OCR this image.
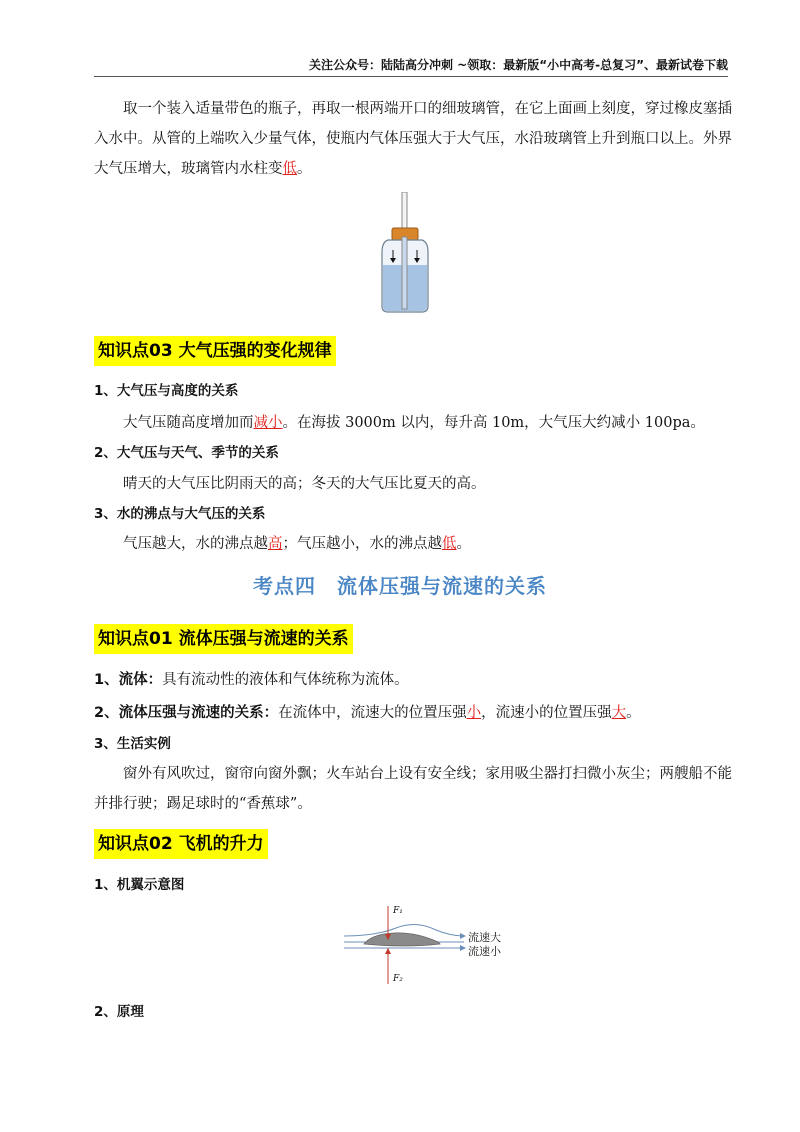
关注公众号：陆陆高分冲刺 ~领取：最新版“小中高考-总复习”、最新试卷下载
取一个装入适量带色的瓶子，再取一根两端开口的细玻璃管，在它上面画上刻度，穿过橡皮塞插入水中。从管的上端吹入少量气体，使瓶内气体压强大于大气压，水沿玻璃管上升到瓶口以上。外界大气压增大，玻璃管内水柱变低。
知识点03 大气压强的变化规律
1、大气压与高度的关系
大气压随高度增加而减小。在海拔 3000m 以内，每升高 10m，大气压大约减小 100pa。
2、大气压与天气、季节的关系
晴天的大气压比阴雨天的高；冬天的大气压比夏天的高。
3、水的沸点与大气压的关系
气压越大，水的沸点越高；气压越小，水的沸点越低。
考点四　流体压强与流速的关系
知识点01 流体压强与流速的关系
1、流体：具有流动性的液体和气体统称为流体。
2、流体压强与流速的关系：在流体中，流速大的位置压强小，流速小的位置压强大。
3、生活实例
窗外有风吹过，窗帘向窗外飘；火车站台上设有安全线；家用吸尘器打扫微小灰尘；两艘船不能并排行驶；踢足球时的“香蕉球”。
知识点02 飞机的升力
1、机翼示意图
F₁
F₂
流速大
流速小
2、原理
